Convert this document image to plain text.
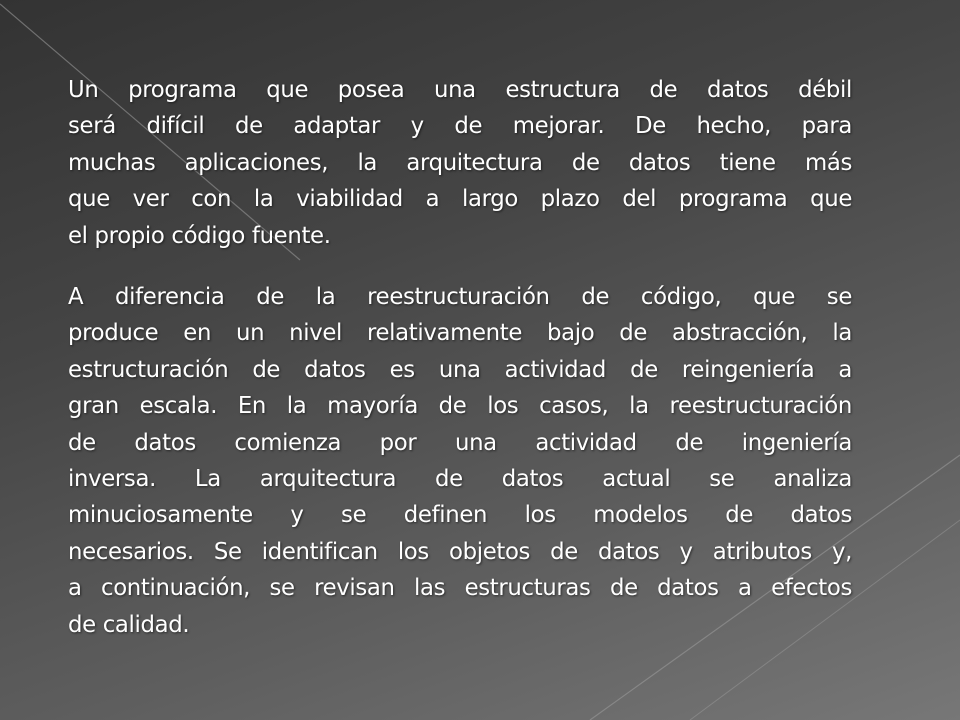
Un programa que posea una estructura de datos débil
será difícil de adaptar y de mejorar. De hecho, para
muchas aplicaciones, la arquitectura de datos tiene más
que ver con la viabilidad a largo plazo del programa que
el propio código fuente.

A diferencia de la reestructuración de código, que se
produce en un nivel relativamente bajo de abstracción, la
estructuración de datos es una actividad de reingeniería a
gran escala. En la mayoría de los casos, la reestructuración
de datos comienza por una actividad de ingeniería
inversa. La arquitectura de datos actual se analiza
minuciosamente y se definen los modelos de datos
necesarios. Se identifican los objetos de datos y atributos y,
a continuación, se revisan las estructuras de datos a efectos
de calidad.
